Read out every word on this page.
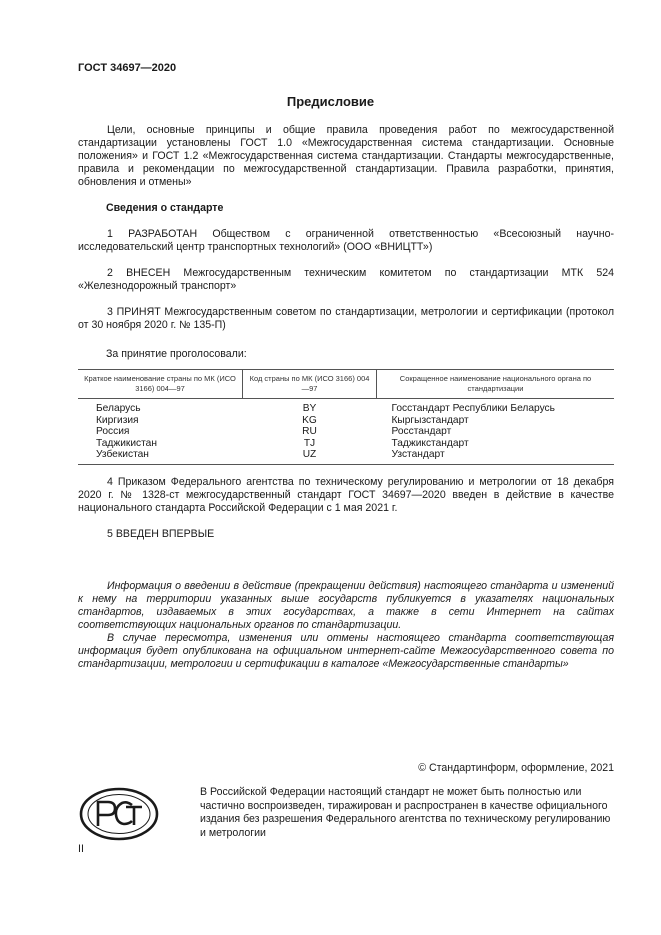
ГОСТ 34697—2020
Предисловие

Цели, основные принципы и общие правила проведения работ по межгосударственной стандартизации установлены ГОСТ 1.0 «Межгосударственная система стандартизации. Основные положения» и ГОСТ 1.2 «Межгосударственная система стандартизации. Стандарты межгосударственные, правила и рекомендации по межгосударственной стандартизации. Правила разработки, принятия, обновления и отмены»

Сведения о стандарте

1 РАЗРАБОТАН Обществом с ограниченной ответственностью «Всесоюзный научно-исследовательский центр транспортных технологий» (ООО «ВНИЦТТ»)

2 ВНЕСЕН Межгосударственным техническим комитетом по стандартизации МТК 524 «Железнодорожный транспорт»

3 ПРИНЯТ Межгосударственным советом по стандартизации, метрологии и сертификации (протокол от 30 ноября 2020 г. № 135-П)

За принятие проголосовали:
Краткое наименование страны по МК (ИСО 3166) 004—97	Код страны по МК (ИСО 3166) 004—97	Сокращенное наименование национального органа по стандартизации
Беларусь	BY	Госстандарт Республики Беларусь
Киргизия	KG	Кыргызстандарт
Россия	RU	Росстандарт
Таджикистан	TJ	Таджикстандарт
Узбекистан	UZ	Узстандарт

4 Приказом Федерального агентства по техническому регулированию и метрологии от 18 декабря 2020 г. № 1328-ст межгосударственный стандарт ГОСТ 34697—2020 введен в действие в качестве национального стандарта Российской Федерации с 1 мая 2021 г.

5 ВВЕДЕН ВПЕРВЫЕ

Информация о введении в действие (прекращении действия) настоящего стандарта и изменений к нему на территории указанных выше государств публикуется в указателях национальных стандартов, издаваемых в этих государствах, а также в сети Интернет на сайтах соответствующих национальных органов по стандартизации.

В случае пересмотра, изменения или отмены настоящего стандарта соответствующая информация будет опубликована на официальном интернет-сайте Межгосударственного совета по стандартизации, метрологии и сертификации в каталоге «Межгосударственные стандарты»

© Стандартинформ, оформление, 2021
В Российской Федерации настоящий стандарт не может быть полностью или частично воспроизведен, тиражирован и распространен в качестве официального издания без разрешения Федерального агентства по техническому регулированию и метрологии
II
